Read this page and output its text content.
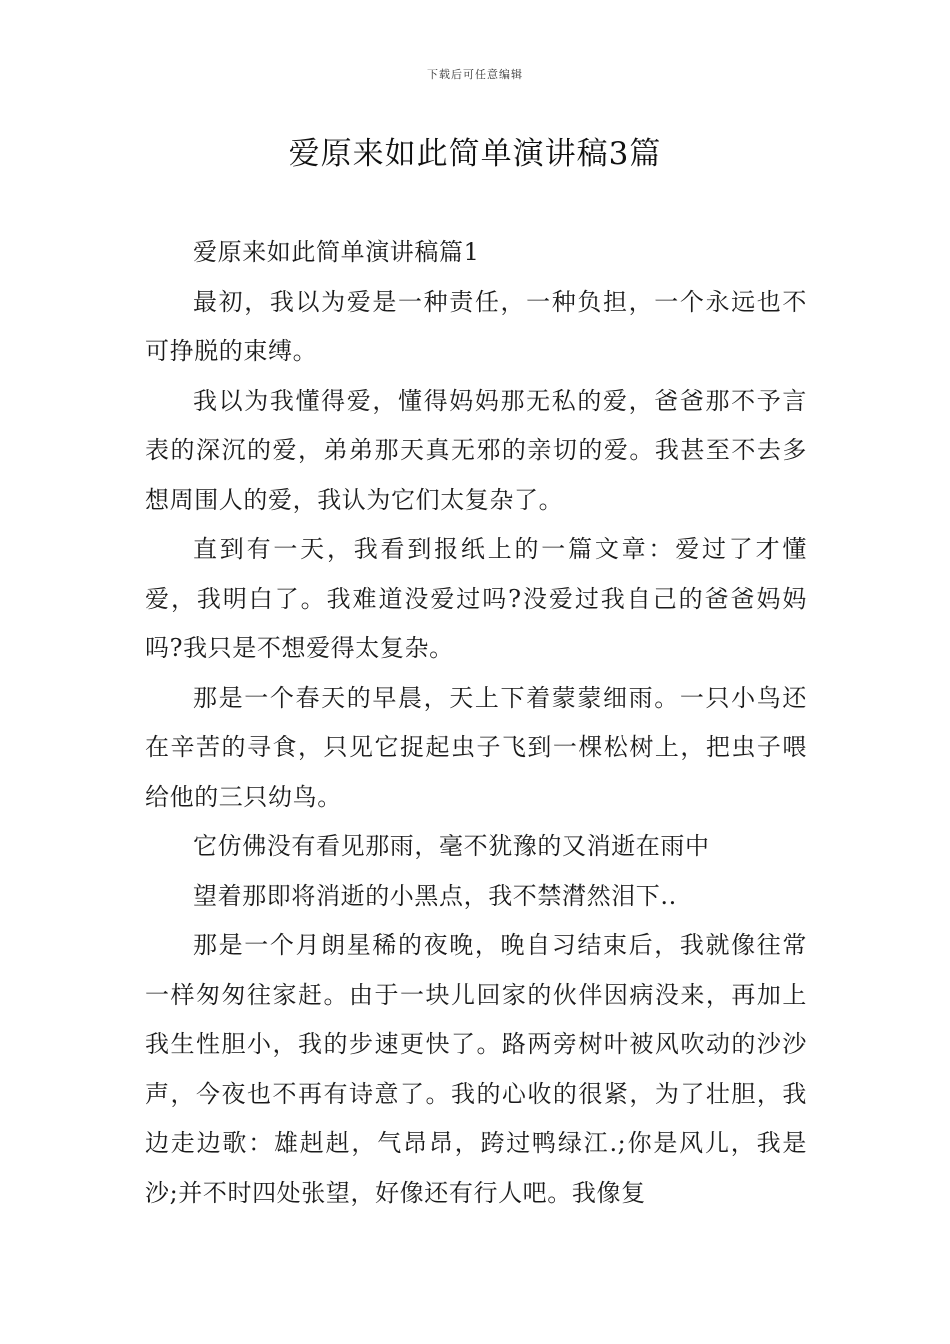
下载后可任意编辑
爱原来如此简单演讲稿3篇

爱原来如此简单演讲稿篇1

最初，我以为爱是一种责任，一种负担，一个永远也不可挣脱的束缚。

我以为我懂得爱，懂得妈妈那无私的爱，爸爸那不予言表的深沉的爱，弟弟那天真无邪的亲切的爱。我甚至不去多想周围人的爱，我认为它们太复杂了。

直到有一天，我看到报纸上的一篇文章：爱过了才懂爱，我明白了。我难道没爱过吗?没爱过我自己的爸爸妈妈吗?我只是不想爱得太复杂。

那是一个春天的早晨，天上下着蒙蒙细雨。一只小鸟还在辛苦的寻食，只见它捉起虫子飞到一棵松树上，把虫子喂给他的三只幼鸟。

它仿佛没有看见那雨，毫不犹豫的又消逝在雨中

望着那即将消逝的小黑点，我不禁潸然泪下..

那是一个月朗星稀的夜晚，晚自习结束后，我就像往常一样匆匆往家赶。由于一块儿回家的伙伴因病没来，再加上我生性胆小，我的步速更快了。路两旁树叶被风吹动的沙沙声，今夜也不再有诗意了。我的心收的很紧，为了壮胆，我边走边歌：雄赳赳，气昂昂，跨过鸭绿江.;你是风儿，我是沙;并不时四处张望，好像还有行人吧。我像复
